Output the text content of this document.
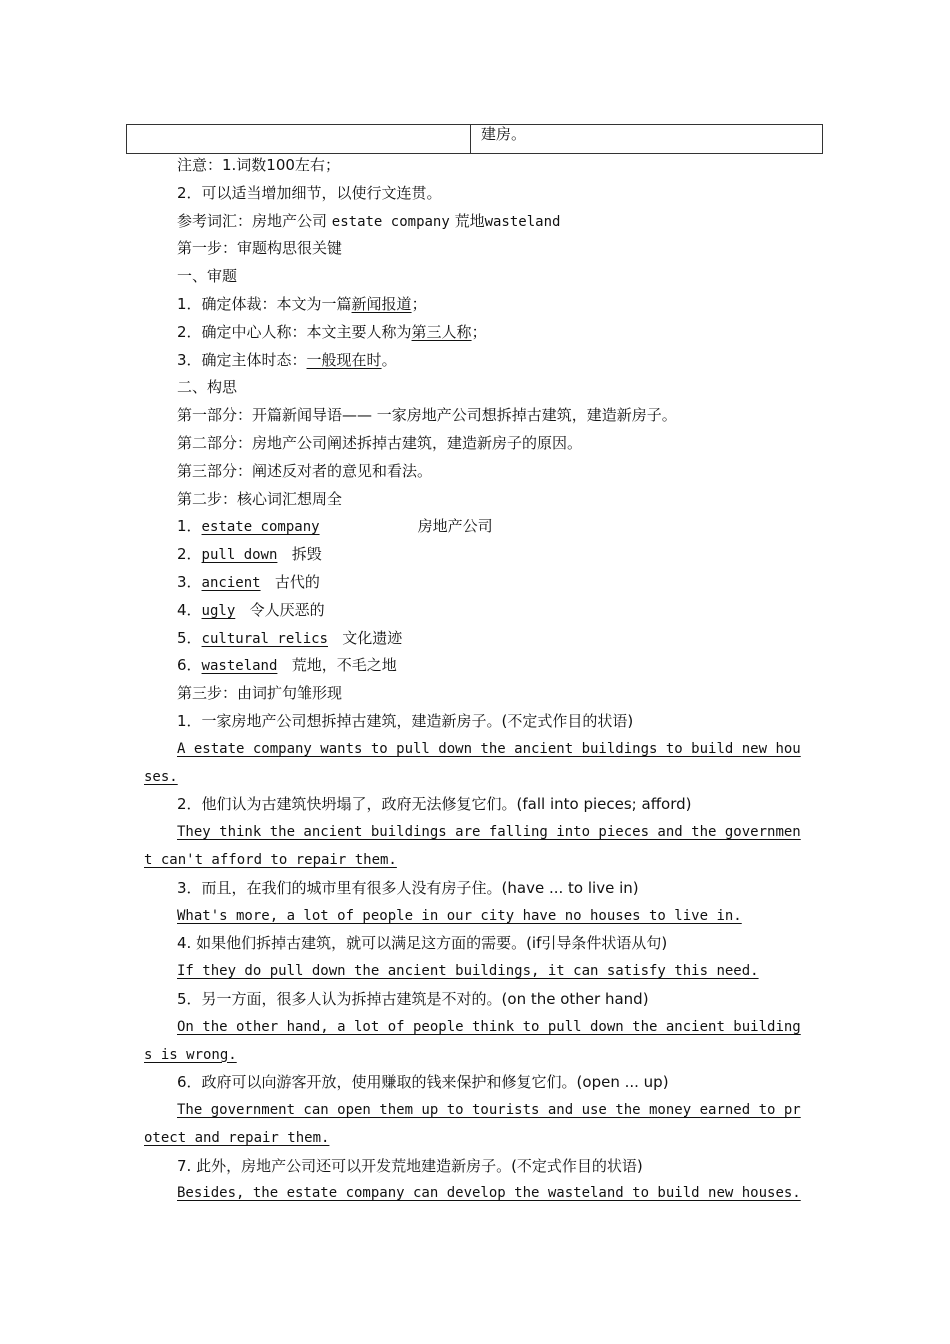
建房。
注意：1.词数100左右；
2．可以适当增加细节，以使行文连贯。
参考词汇：房地产公司 estate company 荒地wasteland
第一步：审题构思很关键
一、审题
1．确定体裁：本文为一篇新闻报道；
2．确定中心人称：本文主要人称为第三人称；
3．确定主体时态：一般现在时。
二、构思
第一部分：开篇新闻导语—— 一家房地产公司想拆掉古建筑，建造新房子。
第二部分：房地产公司阐述拆掉古建筑，建造新房子的原因。
第三部分：阐述反对者的意见和看法。
第二步：核心词汇想周全
1．estate company	房地产公司
2．pull down 拆毁
3．ancient 古代的
4．ugly 令人厌恶的
5．cultural relics 文化遗迹
6．wasteland 荒地，不毛之地
第三步：由词扩句雏形现
1．一家房地产公司想拆掉古建筑，建造新房子。(不定式作目的状语)
A estate company wants to pull down the ancient buildings to build new houses.
2．他们认为古建筑快坍塌了，政府无法修复它们。(fall into pieces; afford)
They think the ancient buildings are falling into pieces and the government can't afford to repair them.
3．而且，在我们的城市里有很多人没有房子住。(have ... to live in)
What's more, a lot of people in our city have no houses to live in.
4. 如果他们拆掉古建筑，就可以满足这方面的需要。(if引导条件状语从句)
If they do pull down the ancient buildings, it can satisfy this need.
5．另一方面，很多人认为拆掉古建筑是不对的。(on the other hand)
On the other hand, a lot of people think to pull down the ancient buildings is wrong.
6．政府可以向游客开放，使用赚取的钱来保护和修复它们。(open ... up)
The government can open them up to tourists and use the money earned to protect and repair them.
7. 此外，房地产公司还可以开发荒地建造新房子。(不定式作目的状语)
Besides, the estate company can develop the wasteland to build new houses.
